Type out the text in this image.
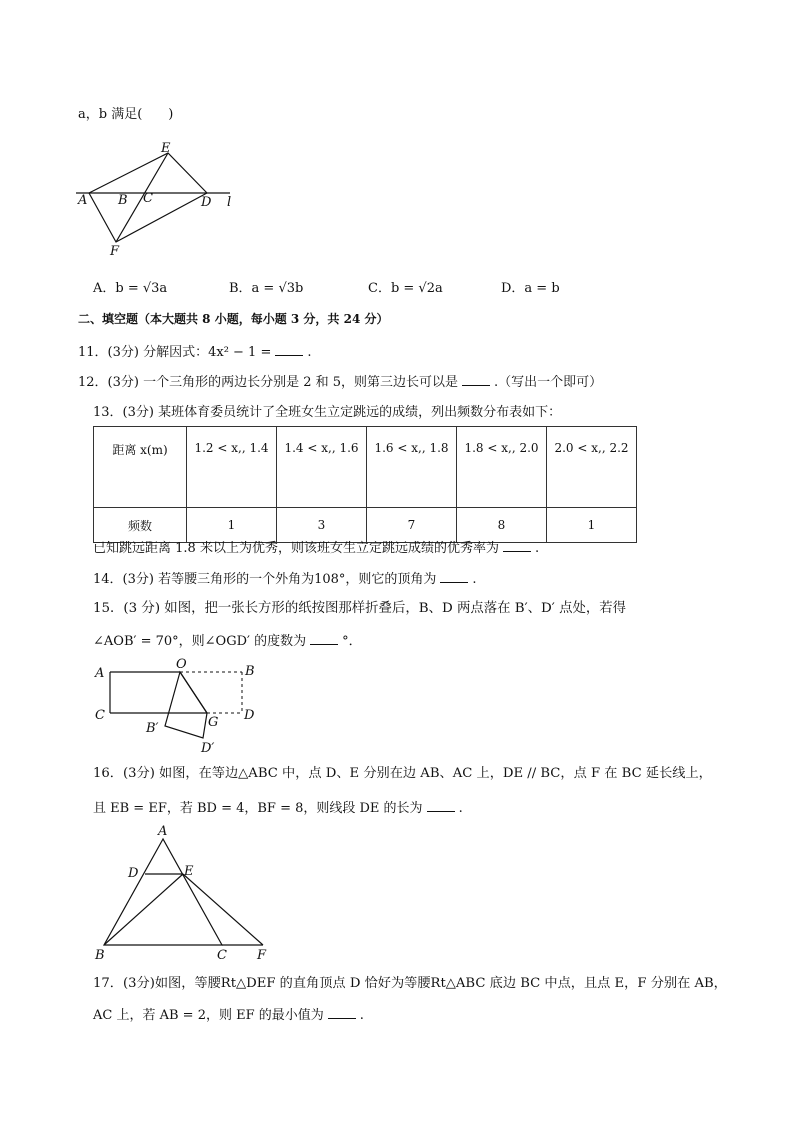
a，b 满足(　　)
E
A B C	D l
F
A．b = √3a	B．a = √3b	C．b = √2a	D．a = b
二、填空题（本大题共 8 小题，每小题 3 分，共 24 分）
11．(3分) 分解因式：4x² − 1 =	.
12．(3分) 一个三角形的两边长分别是 2 和 5，则第三边长可以是	.（写出一个即可）
13．(3分) 某班体育委员统计了全班女生立定跳远的成绩，列出频数分布表如下：
距离 x(m)	1.2 < x,, 1.4	1.4 < x,, 1.6	1.6 < x,, 1.8	1.8 < x,, 2.0	2.0 < x,, 2.2
频数	1	3	7	8	1
已知跳远距离 1.8 米以上为优秀，则该班女生立定跳远成绩的优秀率为	.
14．(3分) 若等腰三角形的一个外角为108°，则它的顶角为	.
15．(3 分) 如图，把一张长方形的纸按图那样折叠后，B、D 两点落在 B′、D′ 点处，若得
∠AOB′ = 70°，则∠OGD′ 的度数为	°．
A
O	B
C	G D
B′
D′
16．(3分) 如图，在等边△ABC 中，点 D、E 分别在边 AB、AC 上，DE // BC，点 F 在 BC 延长线上，
且 EB = EF，若 BD = 4，BF = 8，则线段 DE 的长为	.
A
D	E
B	C F
17．(3分)如图，等腰Rt△DEF 的直角顶点 D 恰好为等腰Rt△ABC 底边 BC 中点，且点 E，F 分别在 AB，
AC 上，若 AB = 2，则 EF 的最小值为	.
